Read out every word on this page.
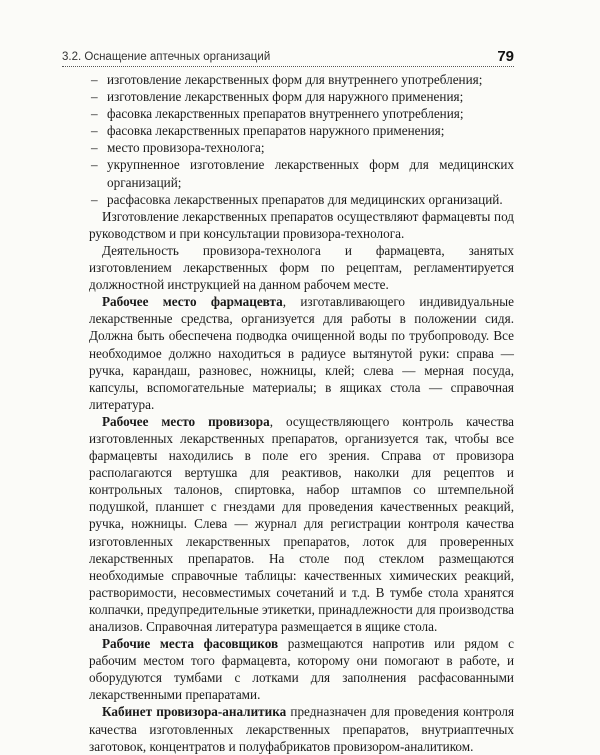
3.2. Оснащение аптечных организаций	79
– изготовление лекарственных форм для внутреннего употребления;
– изготовление лекарственных форм для наружного применения;
– фасовка лекарственных препаратов внутреннего употребления;
– фасовка лекарственных препаратов наружного применения;
– место провизора-технолога;
– укрупненное изготовление лекарственных форм для медицинских организаций;
– расфасовка лекарственных препаратов для медицинских организаций.

Изготовление лекарственных препаратов осуществляют фармацевты под руководством и при консультации провизора-технолога.

Деятельность провизора-технолога и фармацевта, занятых изготовлением лекарственных форм по рецептам, регламентируется должностной инструкцией на данном рабочем месте.

Рабочее место фармацевта, изготавливающего индивидуальные лекарственные средства, организуется для работы в положении сидя. Должна быть обеспечена подводка очищенной воды по трубопроводу. Все необходимое должно находиться в радиусе вытянутой руки: справа — ручка, карандаш, разновес, ножницы, клей; слева — мерная посуда, капсулы, вспомогательные материалы; в ящиках стола — справочная литература.

Рабочее место провизора, осуществляющего контроль качества изготовленных лекарственных препаратов, организуется так, чтобы все фармацевты находились в поле его зрения. Справа от провизора располагаются вертушка для реактивов, наколки для рецептов и контрольных талонов, спиртовка, набор штампов со штемпельной подушкой, планшет с гнездами для проведения качественных реакций, ручка, ножницы. Слева — журнал для регистрации контроля качества изготовленных лекарственных препаратов, лоток для проверенных лекарственных препаратов. На столе под стеклом размещаются необходимые справочные таблицы: качественных химических реакций, растворимости, несовместимых сочетаний и т.д. В тумбе стола хранятся колпачки, предупредительные этикетки, принадлежности для производства анализов. Справочная литература размещается в ящике стола.

Рабочие места фасовщиков размещаются напротив или рядом с рабочим местом того фармацевта, которому они помогают в работе, и оборудуются тумбами с лотками для заполнения расфасованными лекарственными препаратами.

Кабинет провизора-аналитика предназначен для проведения контроля качества изготовленных лекарственных препаратов, внутриаптечных заготовок, концентратов и полуфабрикатов провизором-аналитиком.
